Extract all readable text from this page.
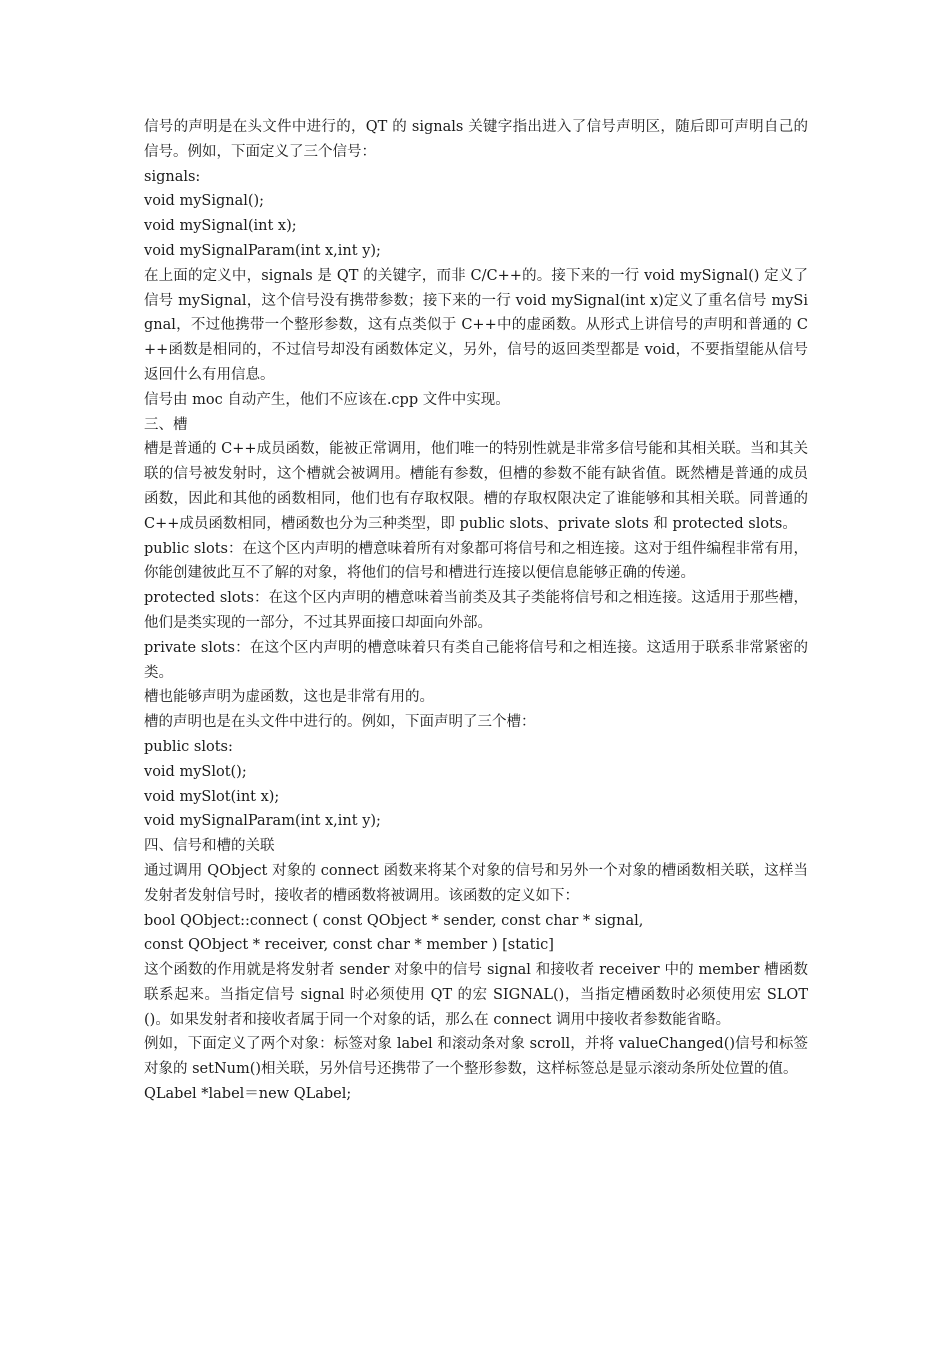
信号的声明是在头文件中进行的，QT 的 signals 关键字指出进入了信号声明区，随后即可声明自己的信号。例如，下面定义了三个信号：
signals:
void mySignal();
void mySignal(int x);
void mySignalParam(int x,int y);
在上面的定义中，signals 是 QT 的关键字，而非 C/C++的。接下来的一行 void mySignal() 定义了信号 mySignal，这个信号没有携带参数；接下来的一行 void mySignal(int x)定义了重名信号 mySignal，不过他携带一个整形参数，这有点类似于 C++中的虚函数。从形式上讲信号的声明和普通的 C++函数是相同的，不过信号却没有函数体定义，另外，信号的返回类型都是 void，不要指望能从信号返回什么有用信息。
信号由 moc 自动产生，他们不应该在.cpp 文件中实现。
三、槽
槽是普通的 C++成员函数，能被正常调用，他们唯一的特别性就是非常多信号能和其相关联。当和其关联的信号被发射时，这个槽就会被调用。槽能有参数，但槽的参数不能有缺省值。既然槽是普通的成员函数，因此和其他的函数相同，他们也有存取权限。槽的存取权限决定了谁能够和其相关联。同普通的 C++成员函数相同，槽函数也分为三种类型，即 public slots、private slots 和 protected slots。
public slots：在这个区内声明的槽意味着所有对象都可将信号和之相连接。这对于组件编程非常有用，你能创建彼此互不了解的对象，将他们的信号和槽进行连接以便信息能够正确的传递。
protected slots：在这个区内声明的槽意味着当前类及其子类能将信号和之相连接。这适用于那些槽，他们是类实现的一部分，不过其界面接口却面向外部。
private slots：在这个区内声明的槽意味着只有类自己能将信号和之相连接。这适用于联系非常紧密的类。
槽也能够声明为虚函数，这也是非常有用的。
槽的声明也是在头文件中进行的。例如，下面声明了三个槽：
public slots:
void mySlot();
void mySlot(int x);
void mySignalParam(int x,int y);
四、信号和槽的关联
通过调用 QObject 对象的 connect 函数来将某个对象的信号和另外一个对象的槽函数相关联，这样当发射者发射信号时，接收者的槽函数将被调用。该函数的定义如下：
bool QObject::connect ( const QObject * sender, const char * signal,
const QObject * receiver, const char * member ) [static]
这个函数的作用就是将发射者 sender 对象中的信号 signal 和接收者 receiver 中的 member 槽函数联系起来。当指定信号 signal 时必须使用 QT 的宏 SIGNAL()，当指定槽函数时必须使用宏 SLOT()。如果发射者和接收者属于同一个对象的话，那么在 connect 调用中接收者参数能省略。
例如，下面定义了两个对象：标签对象 label 和滚动条对象 scroll，并将 valueChanged()信号和标签对象的 setNum()相关联，另外信号还携带了一个整形参数，这样标签总是显示滚动条所处位置的值。
QLabel *label＝new QLabel;
